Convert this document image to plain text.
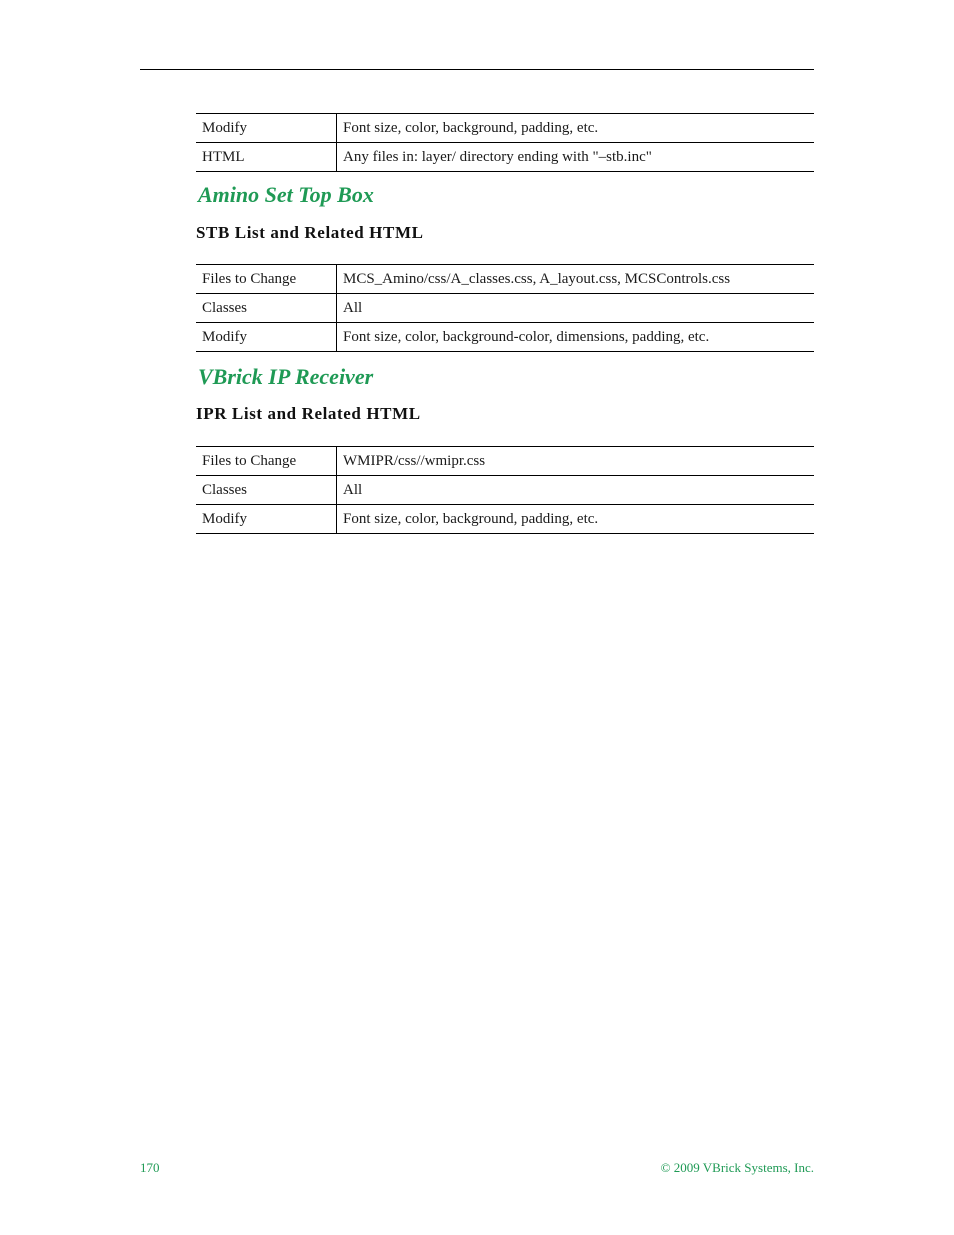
Modify	Font size, color, background, padding, etc.
HTML	Any files in: layer/ directory ending with "–stb.inc"
Amino Set Top Box
STB List and Related HTML
Files to Change	MCS_Amino/css/A_classes.css, A_layout.css, MCSControls.css
Classes	All
Modify	Font size, color, background-color, dimensions, padding, etc.
VBrick IP Receiver
IPR List and Related HTML
Files to Change	WMIPR/css//wmipr.css
Classes	All
Modify	Font size, color, background, padding, etc.
170	© 2009 VBrick Systems, Inc.
